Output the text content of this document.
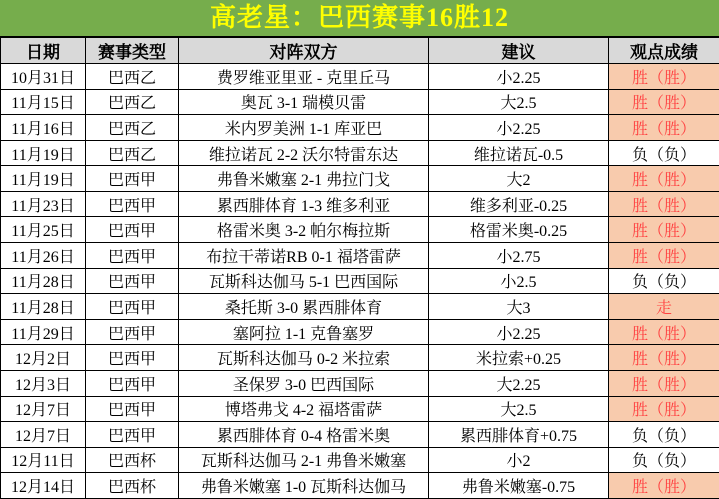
高老星：巴西赛事16胜12
日期	赛事类型	对阵双方	建议	观点成绩
10月31日	巴西乙	费罗维亚里亚 - 克里丘马	小2.25	胜（胜）
11月15日	巴西乙	奥瓦 3-1 瑞模贝雷	大2.5	胜（胜）
11月16日	巴西乙	米内罗美洲 1-1 库亚巴	小2.25	胜（胜）
11月19日	巴西乙	维拉诺瓦 2-2 沃尔特雷东达	维拉诺瓦-0.5	负（负）
11月19日	巴西甲	弗鲁米嫩塞 2-1 弗拉门戈	大2	胜（胜）
11月23日	巴西甲	累西腓体育 1-3 维多利亚	维多利亚-0.25	胜（胜）
11月25日	巴西甲	格雷米奥 3-2 帕尔梅拉斯	格雷米奥-0.25	胜（胜）
11月26日	巴西甲	布拉干蒂诺RB 0-1 福塔雷萨	小2.75	胜（胜）
11月28日	巴西甲	瓦斯科达伽马 5-1 巴西国际	小2.5	负（负）
11月28日	巴西甲	桑托斯 3-0 累西腓体育	大3	走
11月29日	巴西甲	塞阿拉 1-1 克鲁塞罗	小2.25	胜（胜）
12月2日	巴西甲	瓦斯科达伽马 0-2 米拉索	米拉索+0.25	胜（胜）
12月3日	巴西甲	圣保罗 3-0 巴西国际	大2.25	胜（胜）
12月7日	巴西甲	博塔弗戈 4-2 福塔雷萨	大2.5	胜（胜）
12月7日	巴西甲	累西腓体育 0-4 格雷米奥	累西腓体育+0.75	负（负）
12月11日	巴西杯	瓦斯科达伽马 2-1 弗鲁米嫩塞	小2	负（负）
12月14日	巴西杯	弗鲁米嫩塞 1-0 瓦斯科达伽马	弗鲁米嫩塞-0.75	胜（胜）
